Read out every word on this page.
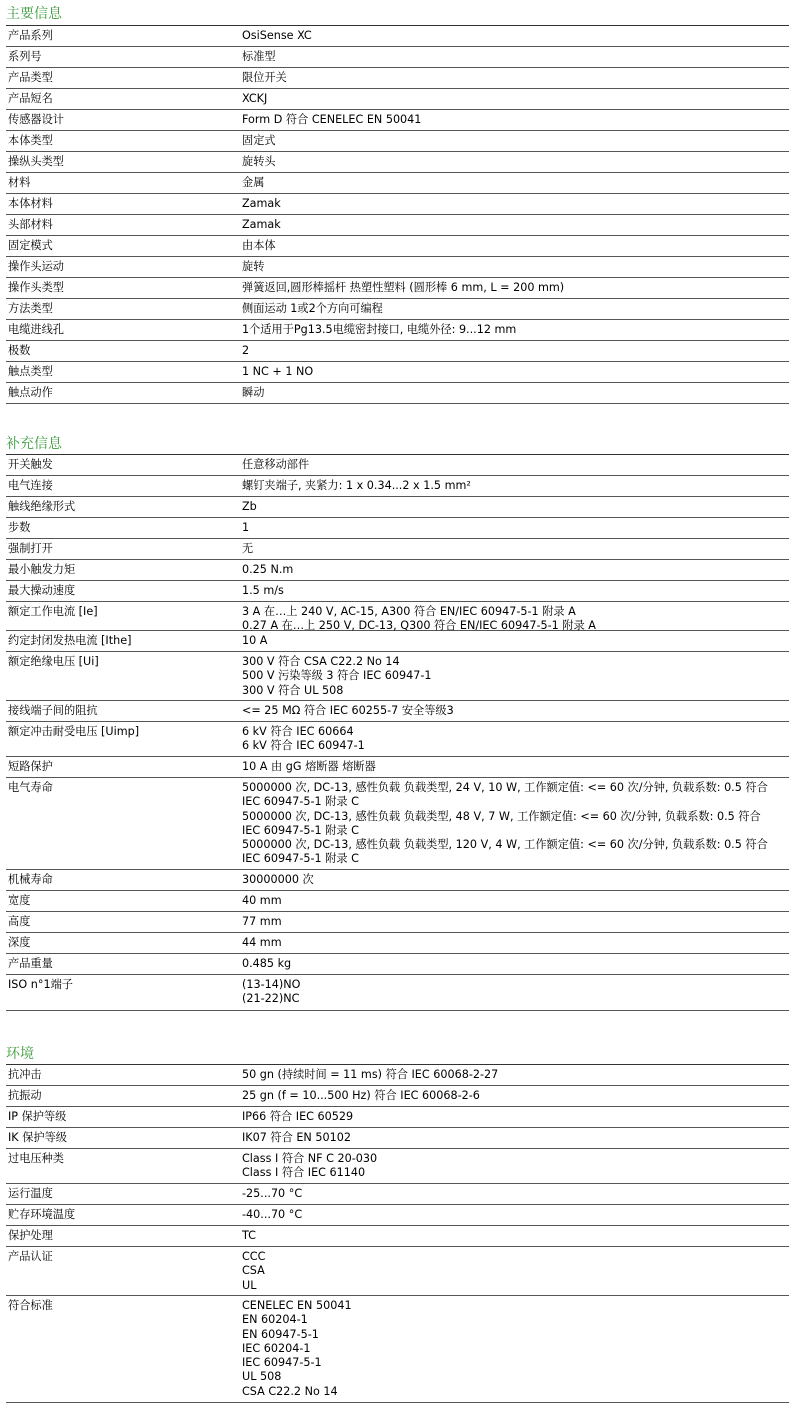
主要信息
产品系列	OsiSense XC
系列号	标准型
产品类型	限位开关
产品短名	XCKJ
传感器设计	Form D 符合 CENELEC EN 50041
本体类型	固定式
操纵头类型	旋转头
材料	金属
本体材料	Zamak
头部材料	Zamak
固定模式	由本体
操作头运动	旋转
操作头类型	弹簧返回,圆形棒摇杆 热塑性塑料 (圆形棒 6 mm, L = 200 mm)
方法类型	侧面运动 1或2个方向可编程
电缆进线孔	1个适用于Pg13.5电缆密封接口, 电缆外径: 9...12 mm
极数	2
触点类型	1 NC + 1 NO
触点动作	瞬动
补充信息
开关触发	任意移动部件
电气连接	螺钉夹端子, 夹紧力: 1 x 0.34...2 x 1.5 mm²
触线绝缘形式	Zb
步数	1
强制打开	无
最小触发力矩	0.25 N.m
最大操动速度	1.5 m/s
额定工作电流 [Ie]	3 A 在…上 240 V, AC-15, A300 符合 EN/IEC 60947-5-1 附录 A
0.27 A 在…上 250 V, DC-13, Q300 符合 EN/IEC 60947-5-1 附录 A
约定封闭发热电流 [Ithe]	10 A
额定绝缘电压 [Ui]	300 V 符合 CSA C22.2 No 14
500 V 污染等级 3 符合 IEC 60947-1
300 V 符合 UL 508
接线端子间的阻抗	<= 25 MΩ 符合 IEC 60255-7 安全等级3
额定冲击耐受电压 [Uimp]	6 kV 符合 IEC 60664
6 kV 符合 IEC 60947-1
短路保护	10 A 由 gG 熔断器 熔断器
电气寿命	5000000 次, DC-13, 感性负载 负载类型, 24 V, 10 W, 工作额定值: <= 60 次/分钟, 负载系数: 0.5 符合
IEC 60947-5-1 附录 C
5000000 次, DC-13, 感性负载 负载类型, 48 V, 7 W, 工作额定值: <= 60 次/分钟, 负载系数: 0.5 符合
IEC 60947-5-1 附录 C
5000000 次, DC-13, 感性负载 负载类型, 120 V, 4 W, 工作额定值: <= 60 次/分钟, 负载系数: 0.5 符合
IEC 60947-5-1 附录 C
机械寿命	30000000 次
宽度	40 mm
高度	77 mm
深度	44 mm
产品重量	0.485 kg
ISO n°1端子	(13-14)NO
(21-22)NC
环境
抗冲击	50 gn (持续时间 = 11 ms) 符合 IEC 60068-2-27
抗振动	25 gn (f = 10...500 Hz) 符合 IEC 60068-2-6
IP 保护等级	IP66 符合 IEC 60529
IK 保护等级	IK07 符合 EN 50102
过电压种类	Class I 符合 NF C 20-030
Class I 符合 IEC 61140
运行温度	-25...70 °C
贮存环境温度	-40...70 °C
保护处理	TC
产品认证	CCC
CSA
UL
符合标准	CENELEC EN 50041
EN 60204-1
EN 60947-5-1
IEC 60204-1
IEC 60947-5-1
UL 508
CSA C22.2 No 14
